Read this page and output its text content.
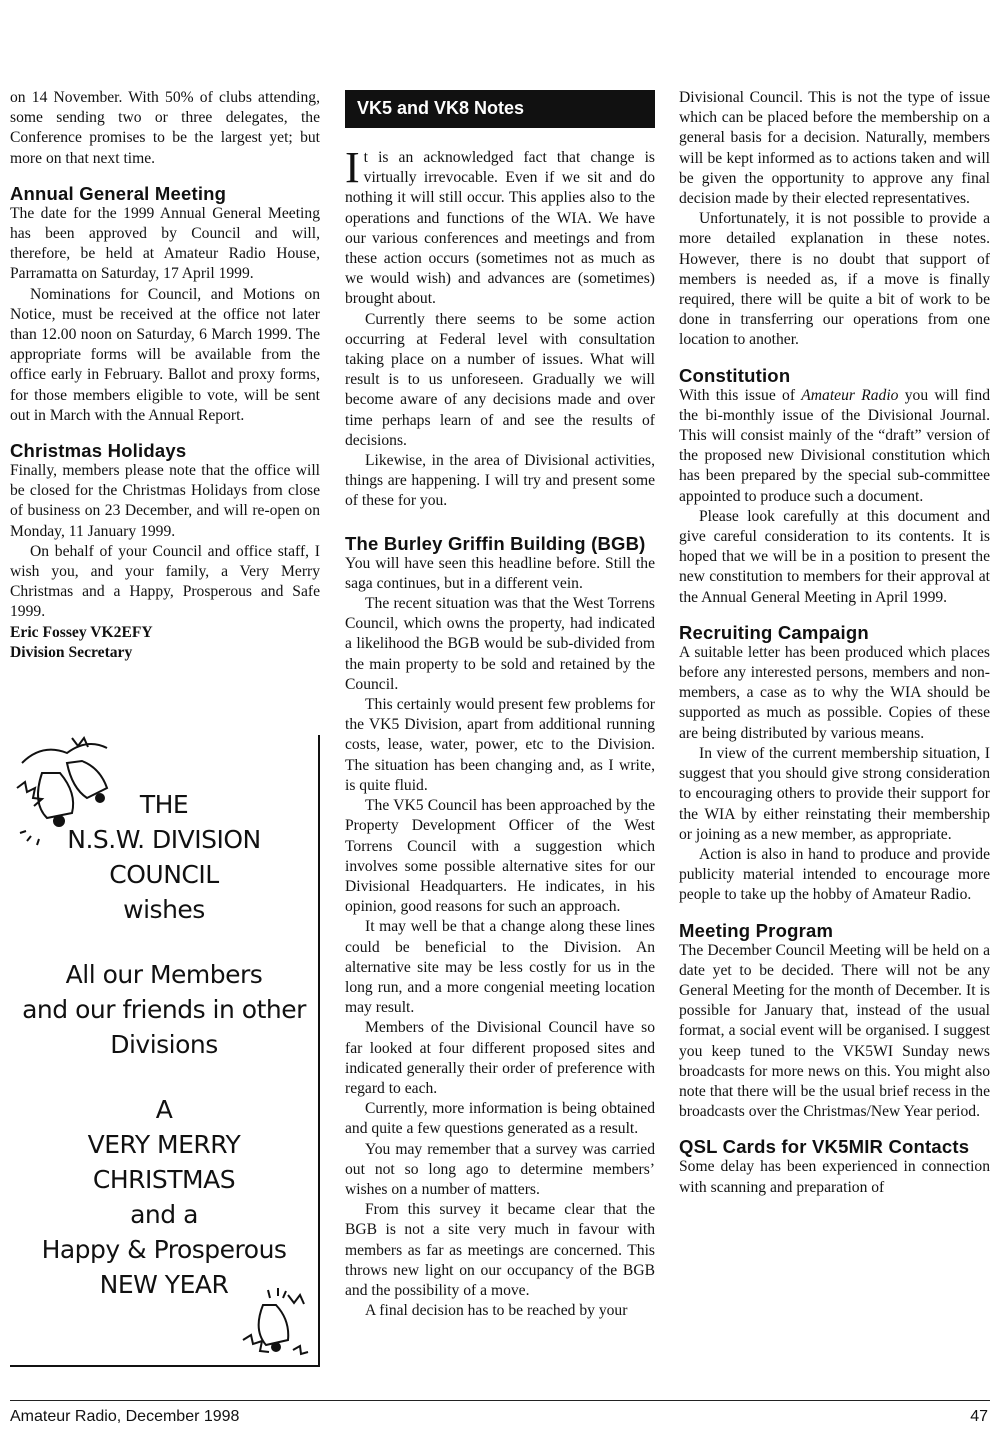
on 14 November. With 50% of clubs attending, some sending two or three delegates, the Conference promises to be the largest yet; but more on that next time.

Annual General Meeting

The date for the 1999 Annual General Meeting has been approved by Council and will, therefore, be held at Amateur Radio House, Parramatta on Saturday, 17 April 1999.

Nominations for Council, and Motions on Notice, must be received at the office not later than 12.00 noon on Saturday, 6 March 1999. The appropriate forms will be available from the office early in February. Ballot and proxy forms, for those members eligible to vote, will be sent out in March with the Annual Report.

Christmas Holidays

Finally, members please note that the office will be closed for the Christmas Holidays from close of business on 23 December, and will re-open on Monday, 11 January 1999.

On behalf of your Council and office staff, I wish you, and your family, a Very Merry Christmas and a Happy, Prosperous and Safe 1999.

Eric Fossey VK2EFY

Division Secretary

THE
N.S.W. DIVISION
COUNCIL
wishes
All our Members
and our friends in other
Divisions
A
VERY MERRY
CHRISTMAS
and a
Happy & Prosperous
NEW YEAR
VK5 and VK8 Notes

It is an acknowledged fact that change is virtually irrevocable. Even if we sit and do nothing it will still occur. This applies also to the operations and functions of the WIA. We have our various conferences and meetings and from these action occurs (sometimes not as much as we would wish) and advances are (sometimes) brought about.

Currently there seems to be some action occurring at Federal level with consultation taking place on a number of issues. What will result is to us unforeseen. Gradually we will become aware of any decisions made and over time perhaps learn of and see the results of decisions.

Likewise, in the area of Divisional activities, things are happening. I will try and present some of these for you.

The Burley Griffin Building (BGB)

You will have seen this headline before. Still the saga continues, but in a different vein.

The recent situation was that the West Torrens Council, which owns the property, had indicated a likelihood the BGB would be sub-divided from the main property to be sold and retained by the Council.

This certainly would present few problems for the VK5 Division, apart from additional running costs, lease, water, power, etc to the Division. The situation has been changing and, as I write, is quite fluid.

The VK5 Council has been approached by the Property Development Officer of the West Torrens Council with a suggestion which involves some possible alternative sites for our Divisional Headquarters. He indicates, in his opinion, good reasons for such an approach.

It may well be that a change along these lines could be beneficial to the Division. An alternative site may be less costly for us in the long run, and a more congenial meeting location may result.

Members of the Divisional Council have so far looked at four different proposed sites and indicated generally their order of preference with regard to each.

Currently, more information is being obtained and quite a few questions generated as a result.

You may remember that a survey was carried out not so long ago to determine members’ wishes on a number of matters.

From this survey it became clear that the BGB is not a site very much in favour with members as far as meetings are concerned. This throws new light on our occupancy of the BGB and the possibility of a move.

A final decision has to be reached by your

Divisional Council. This is not the type of issue which can be placed before the membership on a general basis for a decision. Naturally, members will be kept informed as to actions taken and will be given the opportunity to approve any final decision made by their elected representatives.

Unfortunately, it is not possible to provide a more detailed explanation in these notes. However, there is no doubt that support of members is needed as, if a move is finally required, there will be quite a bit of work to be done in transferring our operations from one location to another.

Constitution

With this issue of Amateur Radio you will find the bi-monthly issue of the Divisional Journal. This will consist mainly of the “draft” version of the proposed new Divisional constitution which has been prepared by the special sub-committee appointed to produce such a document.

Please look carefully at this document and give careful consideration to its contents. It is hoped that we will be in a position to present the new constitution to members for their approval at the Annual General Meeting in April 1999.

Recruiting Campaign

A suitable letter has been produced which places before any interested persons, members and non-members, a case as to why the WIA should be supported as much as possible. Copies of these are being distributed by various means.

In view of the current membership situation, I suggest that you should give strong consideration to encouraging others to provide their support for the WIA by either reinstating their membership or joining as a new member, as appropriate.

Action is also in hand to produce and provide publicity material intended to encourage more people to take up the hobby of Amateur Radio.

Meeting Program

The December Council Meeting will be held on a date yet to be decided. There will not be any General Meeting for the month of December. It is possible for January that, instead of the usual format, a social event will be organised. I suggest you keep tuned to the VK5WI Sunday news broadcasts for more news on this. You might also note that there will be the usual brief recess in the broadcasts over the Christmas/New Year period.

QSL Cards for VK5MIR Contacts

Some delay has been experienced in connection with scanning and preparation of

Amateur Radio, December 1998	47
